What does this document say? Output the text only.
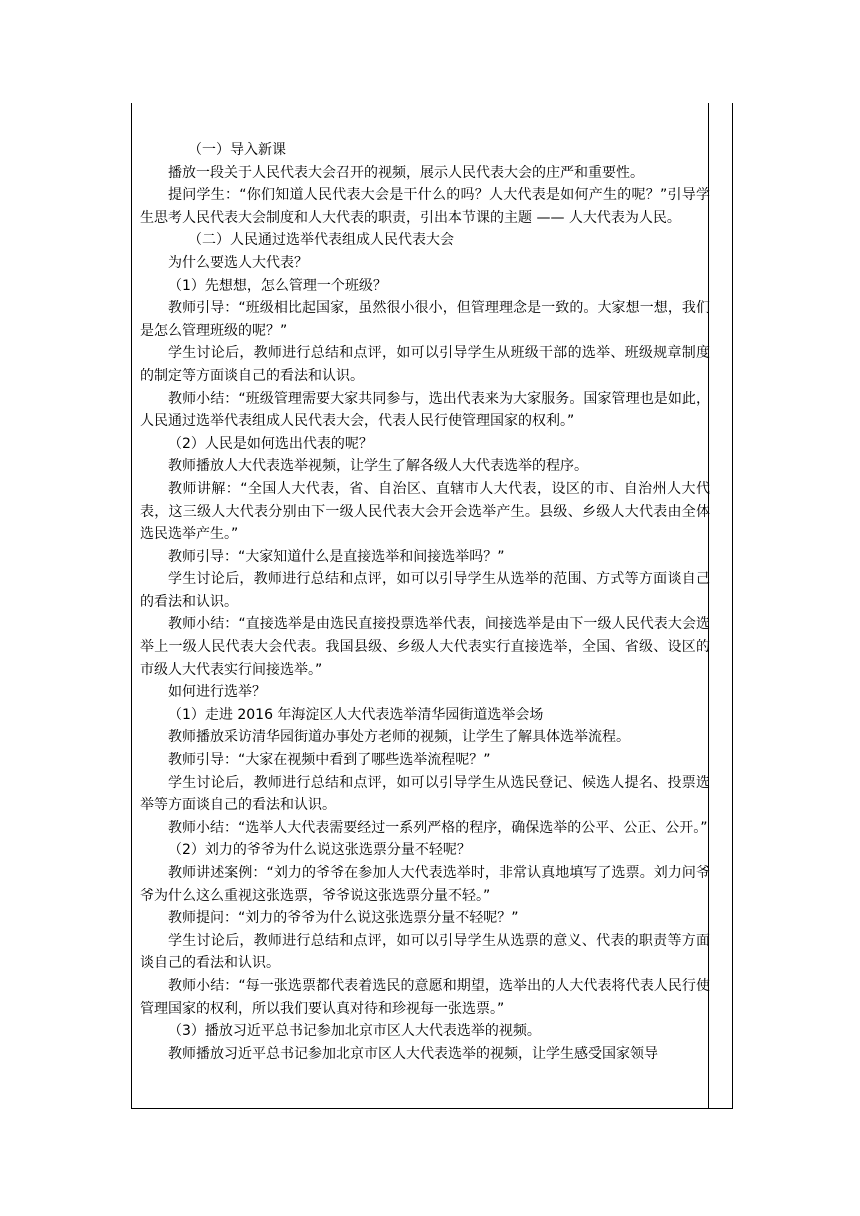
（一）导入新课

播放一段关于人民代表大会召开的视频，展示人民代表大会的庄严和重要性。

提问学生：“你们知道人民代表大会是干什么的吗？人大代表是如何产生的呢？”引导学生思考人民代表大会制度和人大代表的职责，引出本节课的主题 —— 人大代表为人民。

（二）人民通过选举代表组成人民代表大会

为什么要选人大代表？

（1）先想想，怎么管理一个班级？

教师引导：“班级相比起国家，虽然很小很小，但管理理念是一致的。大家想一想，我们是怎么管理班级的呢？”

学生讨论后，教师进行总结和点评，如可以引导学生从班级干部的选举、班级规章制度的制定等方面谈自己的看法和认识。

教师小结：“班级管理需要大家共同参与，选出代表来为大家服务。国家管理也是如此，人民通过选举代表组成人民代表大会，代表人民行使管理国家的权利。”

（2）人民是如何选出代表的呢？

教师播放人大代表选举视频，让学生了解各级人大代表选举的程序。

教师讲解：“全国人大代表，省、自治区、直辖市人大代表，设区的市、自治州人大代表，这三级人大代表分别由下一级人民代表大会开会选举产生。县级、乡级人大代表由全体选民选举产生。”

教师引导：“大家知道什么是直接选举和间接选举吗？”

学生讨论后，教师进行总结和点评，如可以引导学生从选举的范围、方式等方面谈自己的看法和认识。

教师小结：“直接选举是由选民直接投票选举代表，间接选举是由下一级人民代表大会选举上一级人民代表大会代表。我国县级、乡级人大代表实行直接选举，全国、省级、设区的市级人大代表实行间接选举。”

如何进行选举？

（1）走进 2016 年海淀区人大代表选举清华园街道选举会场

教师播放采访清华园街道办事处方老师的视频，让学生了解具体选举流程。

教师引导：“大家在视频中看到了哪些选举流程呢？”

学生讨论后，教师进行总结和点评，如可以引导学生从选民登记、候选人提名、投票选举等方面谈自己的看法和认识。

教师小结：“选举人大代表需要经过一系列严格的程序，确保选举的公平、公正、公开。”

（2）刘力的爷爷为什么说这张选票分量不轻呢？

教师讲述案例：“刘力的爷爷在参加人大代表选举时，非常认真地填写了选票。刘力问爷爷为什么这么重视这张选票，爷爷说这张选票分量不轻。”

教师提问：“刘力的爷爷为什么说这张选票分量不轻呢？”

学生讨论后，教师进行总结和点评，如可以引导学生从选票的意义、代表的职责等方面谈自己的看法和认识。

教师小结：“每一张选票都代表着选民的意愿和期望，选举出的人大代表将代表人民行使管理国家的权利，所以我们要认真对待和珍视每一张选票。”

（3）播放习近平总书记参加北京市区人大代表选举的视频。

教师播放习近平总书记参加北京市区人大代表选举的视频，让学生感受国家领导
